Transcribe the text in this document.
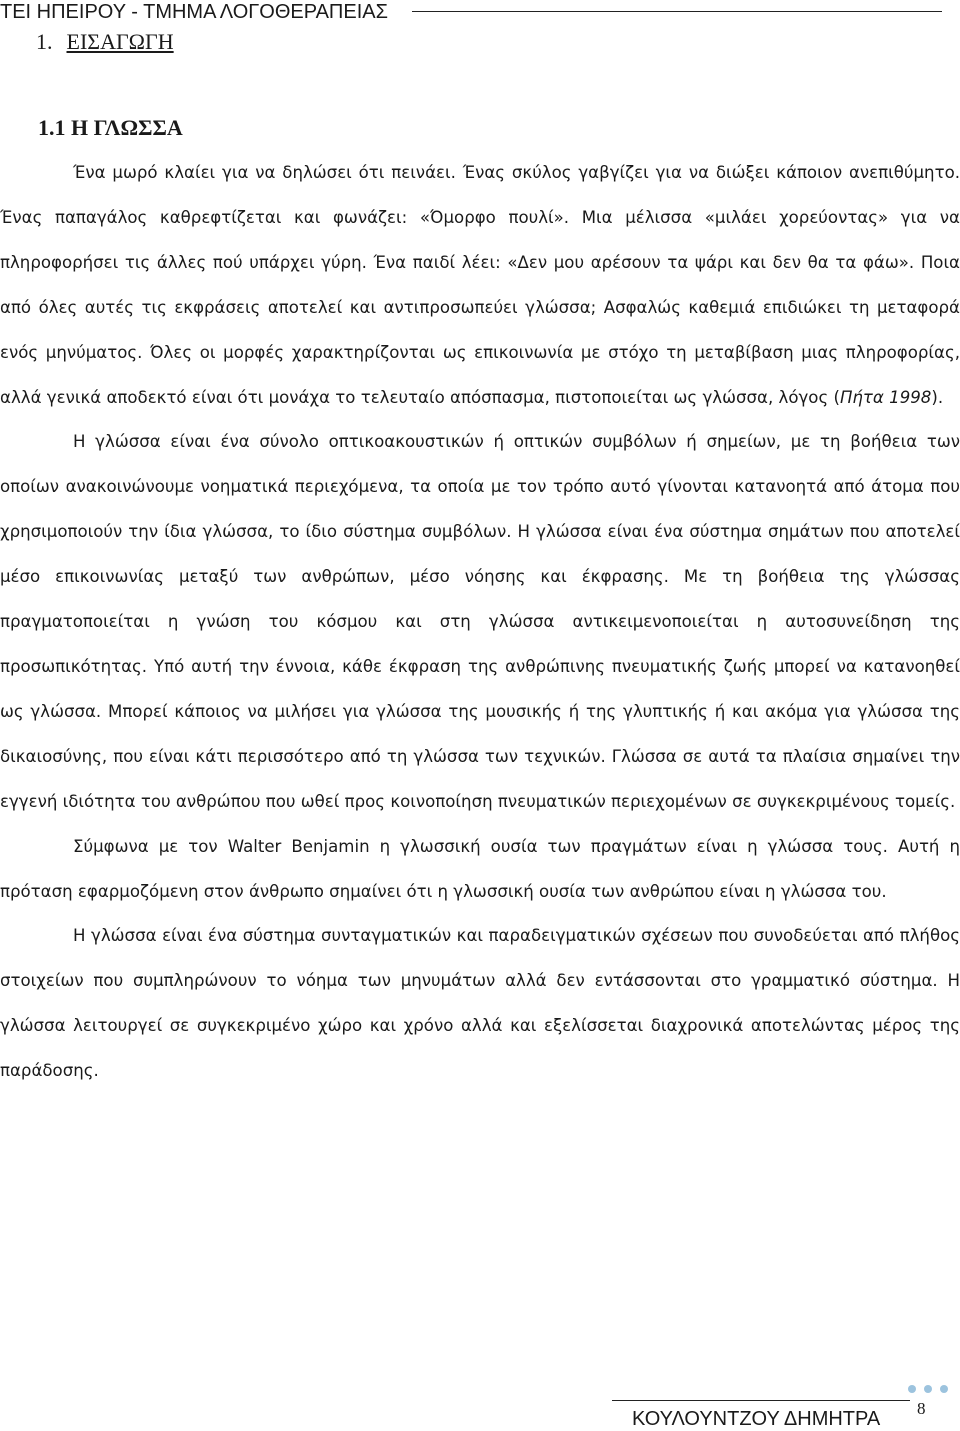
ΤΕΙ ΗΠΕΙΡΟΥ - ΤΜΗΜΑ ΛΟΓΟΘΕΡΑΠΕΙΑΣ
1. ΕΙΣΑΓΩΓΗ
1.1 Η ΓΛΩΣΣΑ

Ένα μωρό κλαίει για να δηλώσει ότι πεινάει. Ένας σκύλος γαβγίζει για να διώξει κάποιον ανεπιθύμητο. Ένας παπαγάλος καθρεφτίζεται και φωνάζει: «Όμορφο πουλί». Μια μέλισσα «μιλάει χορεύοντας» για να πληροφορήσει τις άλλες πού υπάρχει γύρη. Ένα παιδί λέει: «Δεν μου αρέσουν τα ψάρι και δεν θα τα φάω». Ποια από όλες αυτές τις εκφράσεις αποτελεί και αντιπροσωπεύει γλώσσα; Ασφαλώς καθεμιά επιδιώκει τη μεταφορά ενός μηνύματος. Όλες οι μορφές χαρακτηρίζονται ως επικοινωνία με στόχο τη μεταβίβαση μιας πληροφορίας, αλλά γενικά αποδεκτό είναι ότι μονάχα το τελευταίο απόσπασμα, πιστοποιείται ως γλώσσα, λόγος (Πήτα 1998).

Η γλώσσα είναι ένα σύνολο οπτικοακουστικών ή οπτικών συμβόλων ή σημείων, με τη βοήθεια των οποίων ανακοινώνουμε νοηματικά περιεχόμενα, τα οποία με τον τρόπο αυτό γίνονται κατανοητά από άτομα που χρησιμοποιούν την ίδια γλώσσα, το ίδιο σύστημα συμβόλων. Η γλώσσα είναι ένα σύστημα σημάτων που αποτελεί μέσο επικοινωνίας μεταξύ των ανθρώπων, μέσο νόησης και έκφρασης. Με τη βοήθεια της γλώσσας πραγματοποιείται η γνώση του κόσμου και στη γλώσσα αντικειμενοποιείται η αυτοσυνείδηση της προσωπικότητας. Υπό αυτή την έννοια, κάθε έκφραση της ανθρώπινης πνευματικής ζωής μπορεί να κατανοηθεί ως γλώσσα. Μπορεί κάποιος να μιλήσει για γλώσσα της μουσικής ή της γλυπτικής ή και ακόμα για γλώσσα της δικαιοσύνης, που είναι κάτι περισσότερο από τη γλώσσα των τεχνικών. Γλώσσα σε αυτά τα πλαίσια σημαίνει την εγγενή ιδιότητα του ανθρώπου που ωθεί προς κοινοποίηση πνευματικών περιεχομένων σε συγκεκριμένους τομείς.

Σύμφωνα με τον Walter Benjamin η γλωσσική ουσία των πραγμάτων είναι η γλώσσα τους. Αυτή η πρόταση εφαρμοζόμενη στον άνθρωπο σημαίνει ότι η γλωσσική ουσία των ανθρώπου είναι η γλώσσα του.

Η γλώσσα είναι ένα σύστημα συνταγματικών και παραδειγματικών σχέσεων που συνοδεύεται από πλήθος στοιχείων που συμπληρώνουν το νόημα των μηνυμάτων αλλά δεν εντάσσονται στο γραμματικό σύστημα. Η γλώσσα λειτουργεί σε συγκεκριμένο χώρο και χρόνο αλλά και εξελίσσεται διαχρονικά αποτελώντας μέρος της παράδοσης.

ΚΟΥΛΟΥΝΤΖΟΥ ΔΗΜΗΤΡΑ 8
